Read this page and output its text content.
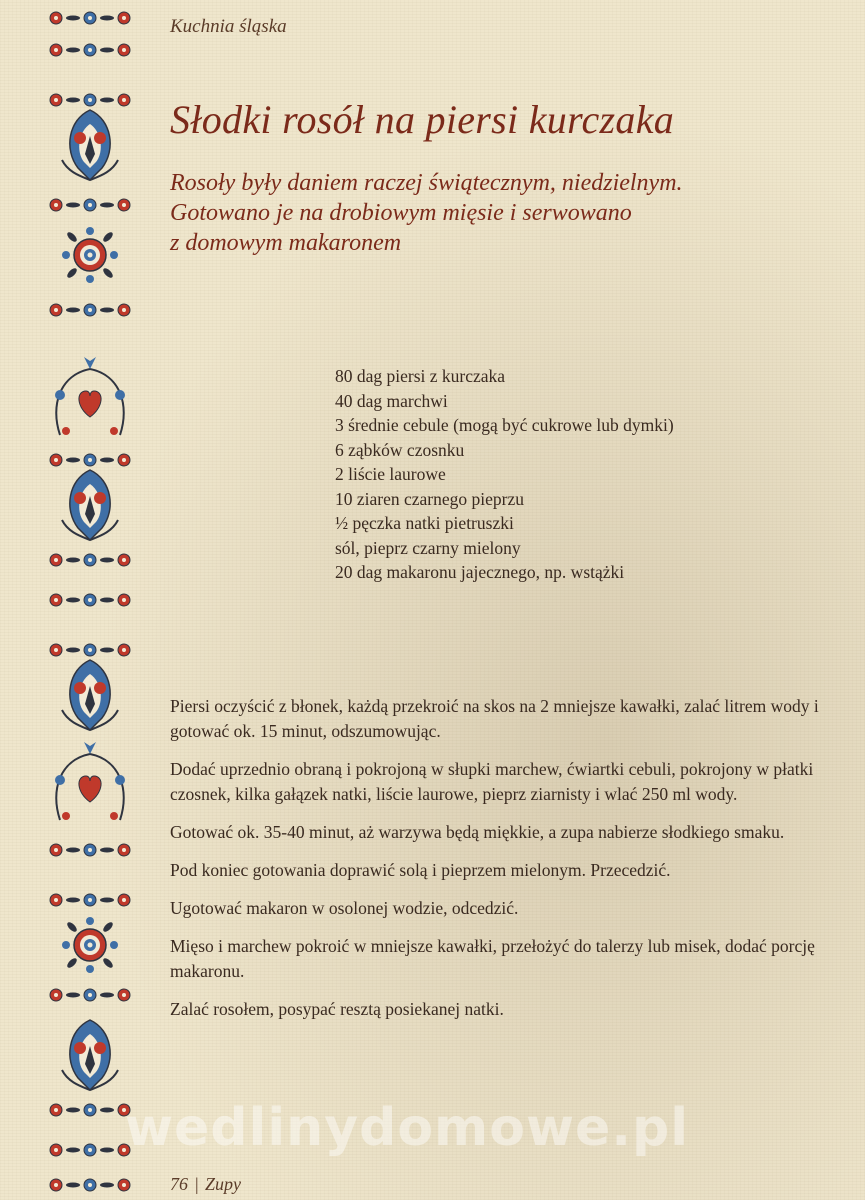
Kuchnia śląska
Słodki rosół na piersi kurczaka
Rosoły były daniem raczej świątecznym, niedzielnym.
Gotowano je na drobiowym mięsie i serwowano
z domowym makaronem
80 dag piersi z kurczaka
40 dag marchwi
3 średnie cebule (mogą być cukrowe lub dymki)
6 ząbków czosnku
2 liście laurowe
10 ziaren czarnego pieprzu
½ pęczka natki pietruszki
sól, pieprz czarny mielony
20 dag makaronu jajecznego, np. wstążki

Piersi oczyścić z błonek, każdą przekroić na skos na 2 mniejsze kawałki, zalać litrem wody i gotować ok. 15 minut, odszumowując.

Dodać uprzednio obraną i pokrojoną w słupki marchew, ćwiartki cebuli, pokrojony w płatki czosnek, kilka gałązek natki, liście laurowe, pieprz ziarnisty i wlać 250 ml wody.

Gotować ok. 35-40 minut, aż warzywa będą miękkie, a zupa nabierze słodkiego smaku.

Pod koniec gotowania doprawić solą i pieprzem mielonym. Przecedzić.

Ugotować makaron w osolonej wodzie, odcedzić.

Mięso i marchew pokroić w mniejsze kawałki, przełożyć do talerzy lub misek, dodać porcję makaronu.

Zalać rosołem, posypać resztą posiekanej natki.

wedlinydomowe.pl
76 | Zupy
